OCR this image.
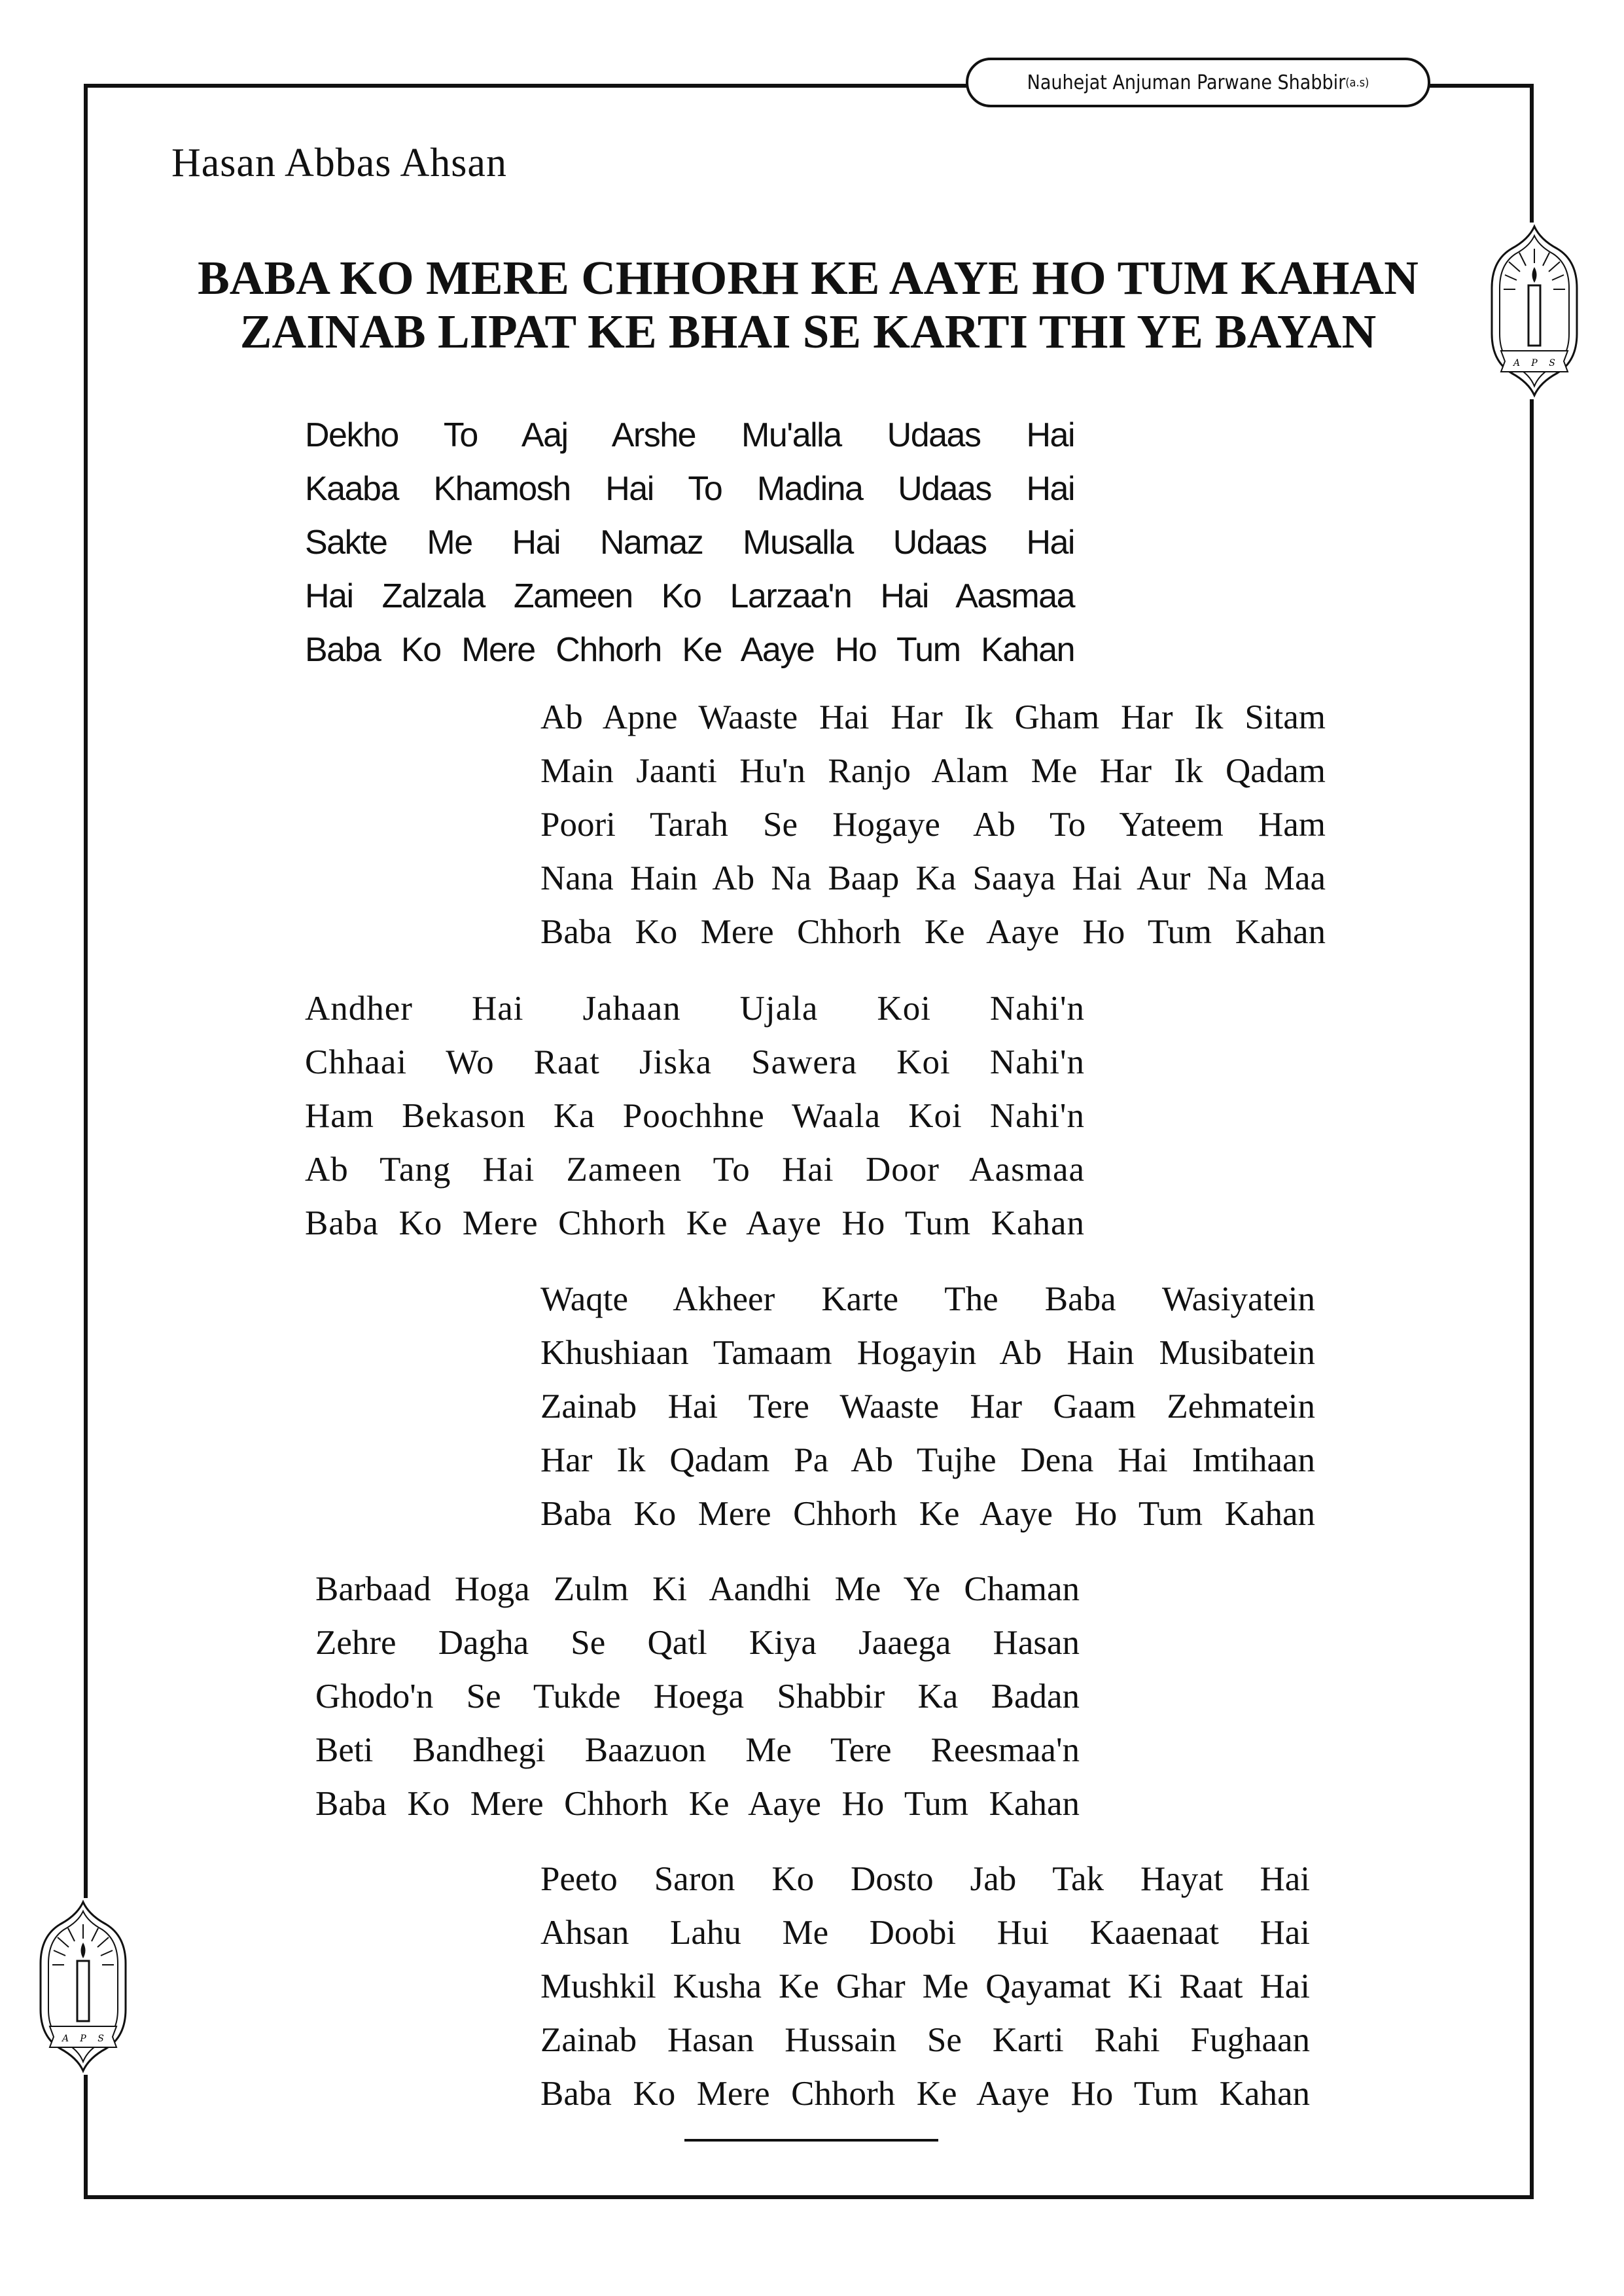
Nauhejat Anjuman Parwane Shabbir (a.s)
A P S
A P S
Hasan Abbas Ahsan
BABA KO MERE CHHORH KE AAYE HO TUM KAHAN
ZAINAB LIPAT KE BHAI SE KARTI THI YE BAYAN
Dekho To Aaj Arshe Mu'alla Udaas Hai
Kaaba Khamosh Hai To Madina Udaas Hai
Sakte Me Hai Namaz Musalla Udaas Hai
Hai Zalzala Zameen Ko Larzaa'n Hai Aasmaa
Baba Ko Mere Chhorh Ke Aaye Ho Tum Kahan
Ab Apne Waaste Hai Har Ik Gham Har Ik Sitam
Main Jaanti Hu'n Ranjo Alam Me Har Ik Qadam
Poori Tarah Se Hogaye Ab To Yateem Ham
Nana Hain Ab Na Baap Ka Saaya Hai Aur Na Maa
Baba Ko Mere Chhorh Ke Aaye Ho Tum Kahan
Andher Hai Jahaan Ujala Koi Nahi'n
Chhaai Wo Raat Jiska Sawera Koi Nahi'n
Ham Bekason Ka Poochhne Waala Koi Nahi'n
Ab Tang Hai Zameen To Hai Door Aasmaa
Baba Ko Mere Chhorh Ke Aaye Ho Tum Kahan
Waqte Akheer Karte The Baba Wasiyatein
Khushiaan Tamaam Hogayin Ab Hain Musibatein
Zainab Hai Tere Waaste Har Gaam Zehmatein
Har Ik Qadam Pa Ab Tujhe Dena Hai Imtihaan
Baba Ko Mere Chhorh Ke Aaye Ho Tum Kahan
Barbaad Hoga Zulm Ki Aandhi Me Ye Chaman
Zehre Dagha Se Qatl Kiya Jaaega Hasan
Ghodo'n Se Tukde Hoega Shabbir Ka Badan
Beti Bandhegi Baazuon Me Tere Reesmaa'n
Baba Ko Mere Chhorh Ke Aaye Ho Tum Kahan
Peeto Saron Ko Dosto Jab Tak Hayat Hai
Ahsan Lahu Me Doobi Hui Kaaenaat Hai
Mushkil Kusha Ke Ghar Me Qayamat Ki Raat Hai
Zainab Hasan Hussain Se Karti Rahi Fughaan
Baba Ko Mere Chhorh Ke Aaye Ho Tum Kahan
